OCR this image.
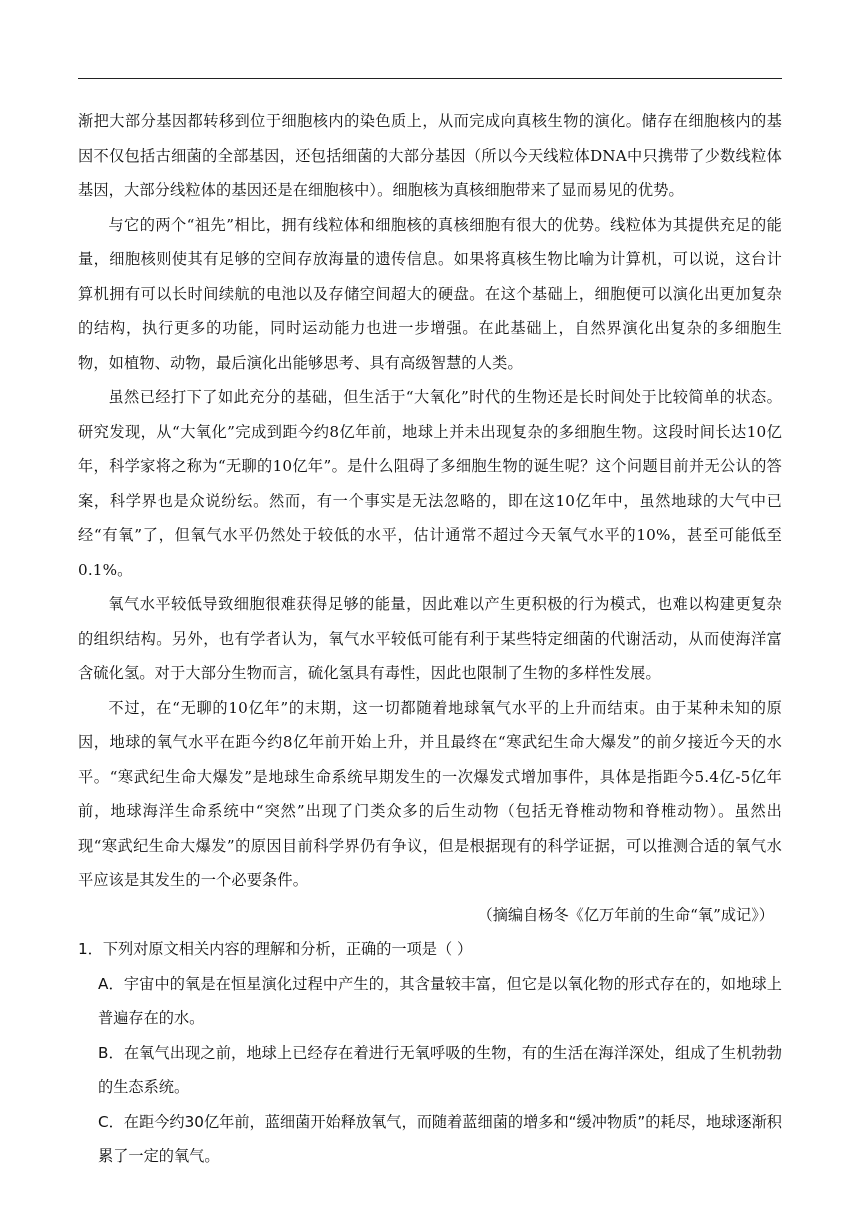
渐把大部分基因都转移到位于细胞核内的染色质上，从而完成向真核生物的演化。储存在细胞核内的基因不仅包括古细菌的全部基因，还包括细菌的大部分基因（所以今天线粒体DNA中只携带了少数线粒体基因，大部分线粒体的基因还是在细胞核中）。细胞核为真核细胞带来了显而易见的优势。

与它的两个“祖先”相比，拥有线粒体和细胞核的真核细胞有很大的优势。线粒体为其提供充足的能量，细胞核则使其有足够的空间存放海量的遗传信息。如果将真核生物比喻为计算机，可以说，这台计算机拥有可以长时间续航的电池以及存储空间超大的硬盘。在这个基础上，细胞便可以演化出更加复杂的结构，执行更多的功能，同时运动能力也进一步增强。在此基础上，自然界演化出复杂的多细胞生物，如植物、动物，最后演化出能够思考、具有高级智慧的人类。

虽然已经打下了如此充分的基础，但生活于“大氧化”时代的生物还是长时间处于比较简单的状态。研究发现，从“大氧化”完成到距今约8亿年前，地球上并未出现复杂的多细胞生物。这段时间长达10亿年，科学家将之称为“无聊的10亿年”。是什么阻碍了多细胞生物的诞生呢？这个问题目前并无公认的答案，科学界也是众说纷纭。然而，有一个事实是无法忽略的，即在这10亿年中，虽然地球的大气中已经“有氧”了，但氧气水平仍然处于较低的水平，估计通常不超过今天氧气水平的10%，甚至可能低至0.1%。

氧气水平较低导致细胞很难获得足够的能量，因此难以产生更积极的行为模式，也难以构建更复杂的组织结构。另外，也有学者认为，氧气水平较低可能有利于某些特定细菌的代谢活动，从而使海洋富含硫化氢。对于大部分生物而言，硫化氢具有毒性，因此也限制了生物的多样性发展。

不过，在“无聊的10亿年”的末期，这一切都随着地球氧气水平的上升而结束。由于某种未知的原因，地球的氧气水平在距今约8亿年前开始上升，并且最终在“寒武纪生命大爆发”的前夕接近今天的水平。“寒武纪生命大爆发”是地球生命系统早期发生的一次爆发式增加事件，具体是指距今5.4亿-5亿年前，地球海洋生命系统中“突然”出现了门类众多的后生动物（包括无脊椎动物和脊椎动物）。虽然出现“寒武纪生命大爆发”的原因目前科学界仍有争议，但是根据现有的科学证据，可以推测合适的氧气水平应该是其发生的一个必要条件。

（摘编自杨冬《亿万年前的生命“氧”成记》）

1．下列对原文相关内容的理解和分析，正确的一项是（ ）

A．宇宙中的氧是在恒星演化过程中产生的，其含量较丰富，但它是以氧化物的形式存在的，如地球上普遍存在的水。

B．在氧气出现之前，地球上已经存在着进行无氧呼吸的生物，有的生活在海洋深处，组成了生机勃勃的生态系统。

C．在距今约30亿年前，蓝细菌开始释放氧气，而随着蓝细菌的增多和“缓冲物质”的耗尽，地球逐渐积累了一定的氧气。
